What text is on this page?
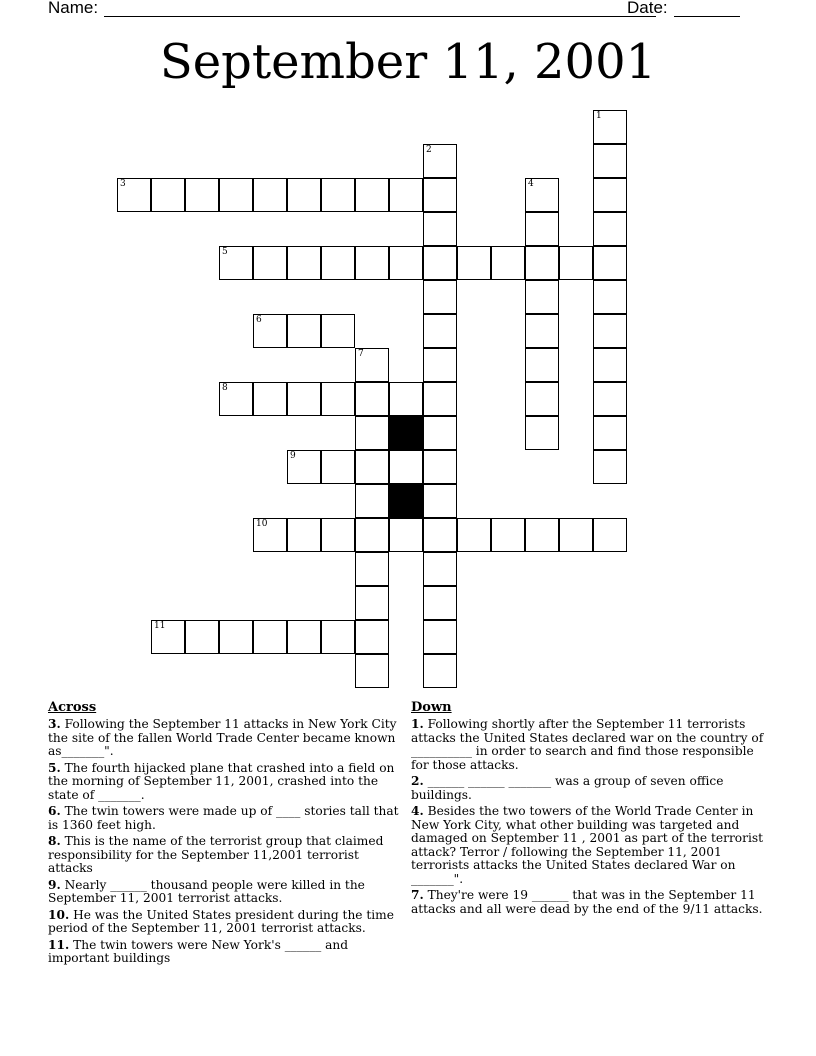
Name:	Date:
September 11, 2001
1
2
3	4
5
6
7
8
9
10
11
Across
3. Following the September 11 attacks in New York City the site of the fallen World Trade Center became known as_______".
5. The fourth hijacked plane that crashed into a field on the morning of September 11, 2001, crashed into the state of _______.
6. The twin towers were made up of ____ stories tall that is 1360 feet high.
8. This is the name of the terrorist group that claimed responsibility for the September 11,2001 terrorist attacks
9. Nearly ______ thousand people were killed in the September 11, 2001 terrorist attacks.
10. He was the United States president during the time period of the September 11, 2001 terrorist attacks.
11. The twin towers were New York's ______ and important buildings
Down
1. Following shortly after the September 11 terrorists attacks the United States declared war on the country of __________ in order to search and find those responsible for those attacks.
2. ______ ______ _______ was a group of seven office buildings.
4. Besides the two towers of the World Trade Center in New York City, what other building was targeted and damaged on September 11 , 2001 as part of the terrorist attack? Terror / following the September 11, 2001 terrorists attacks the United States declared War on _______".
7. They're were 19 ______ that was in the September 11 attacks and all were dead by the end of the 9/11 attacks.
